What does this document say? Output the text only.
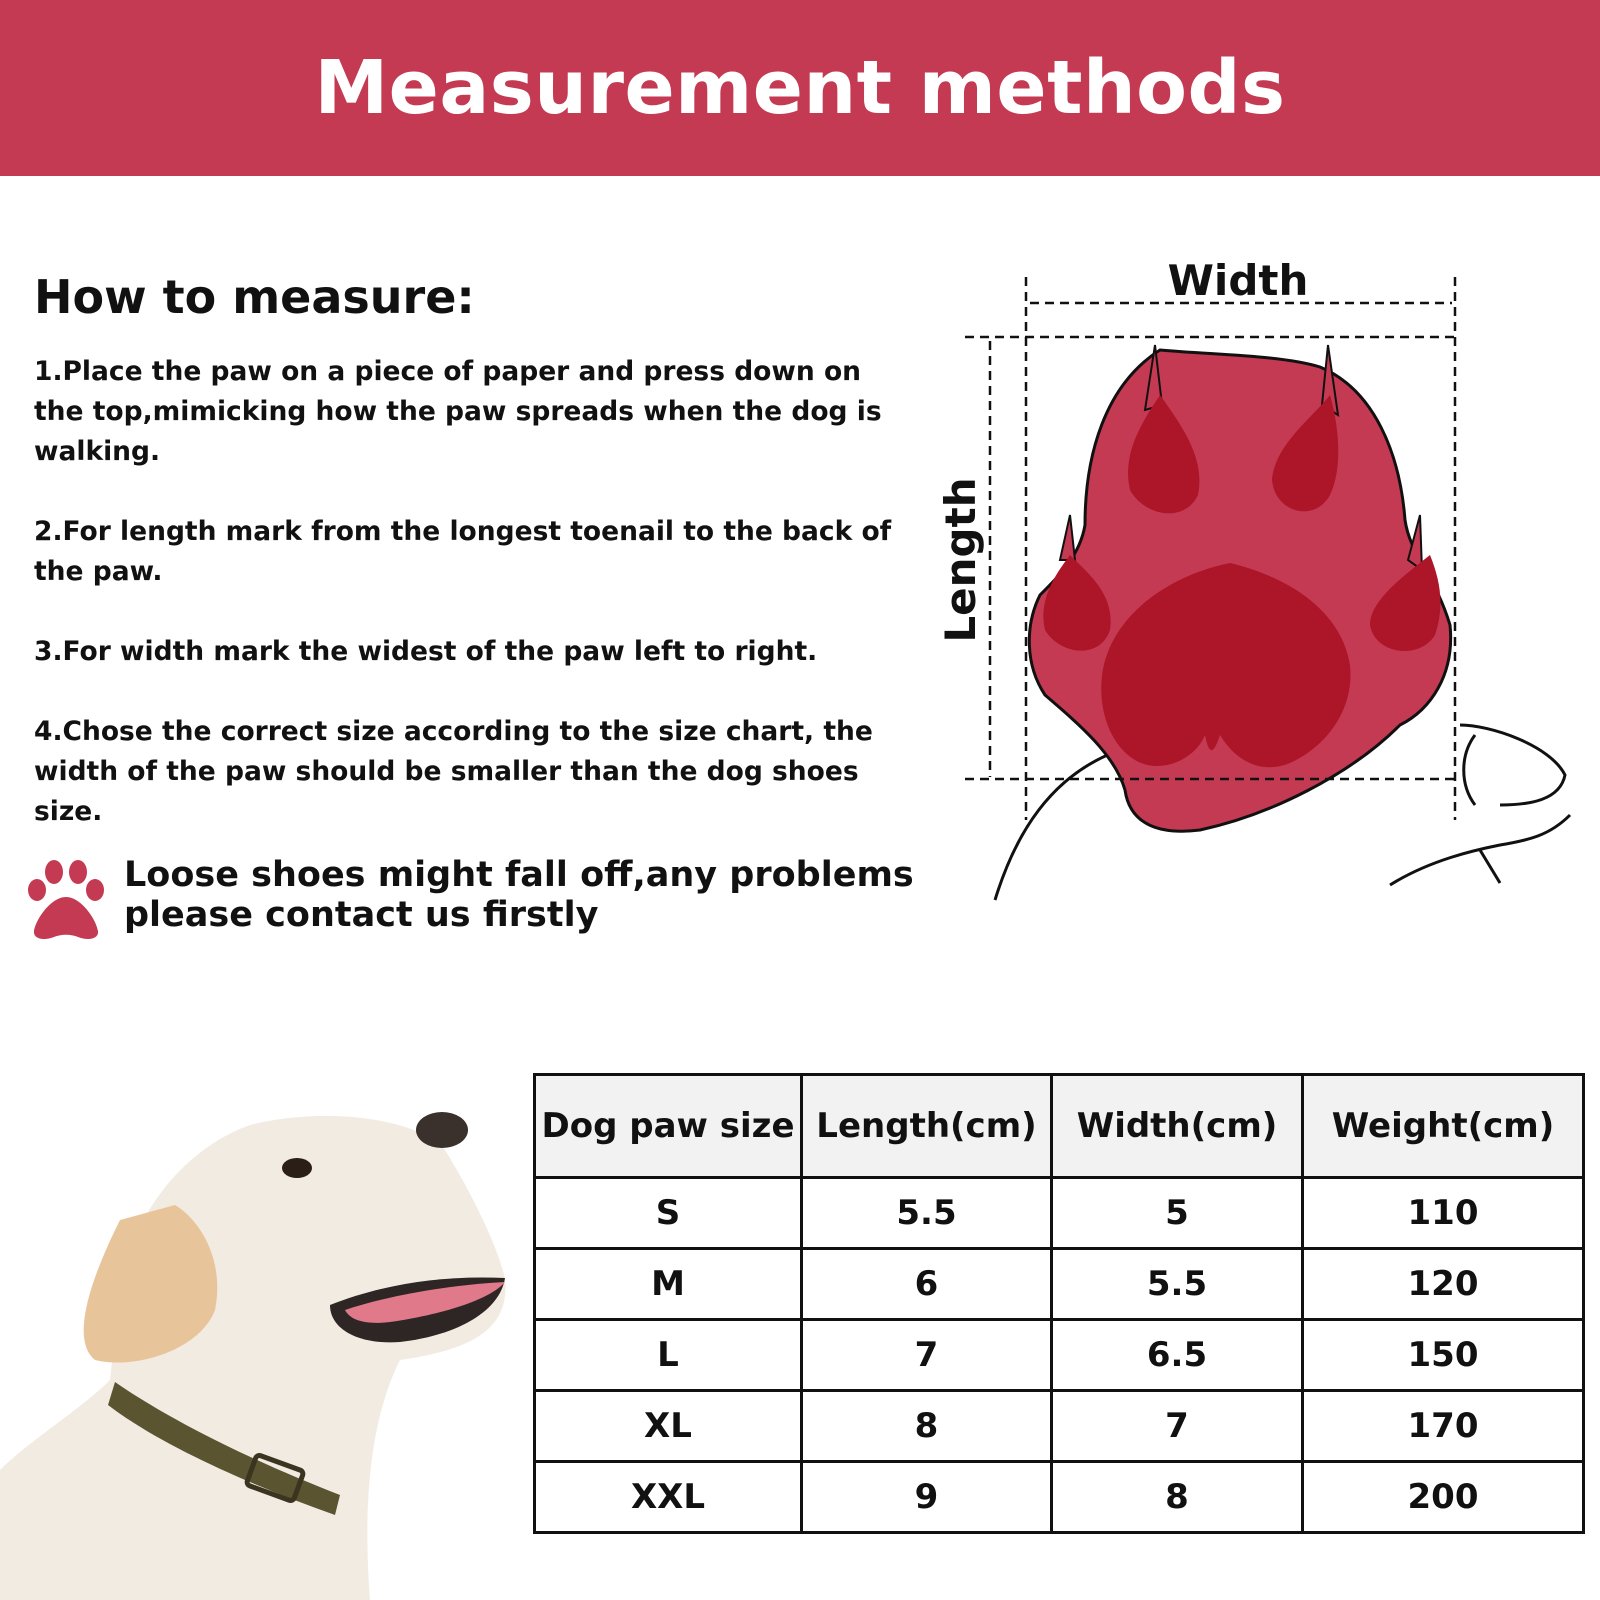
Measurement methods
How to measure:
1.Place the paw on a piece of paper and press down on the top,mimicking how the paw spreads when the dog is walking.
2.For length mark from the longest toenail to the back of the paw.
3.For width mark the widest of the paw left to right.
4.Chose the correct size according to the size chart, the width of the paw should be smaller than the dog shoes size.

Loose shoes might fall off,any problems please contact us firstly

Width
Length
Dog paw size	Length(cm)	Width(cm)	Weight(cm)
S	5.5	5	110
M	6	5.5	120
L	7	6.5	150
XL	8	7	170
XXL	9	8	200
